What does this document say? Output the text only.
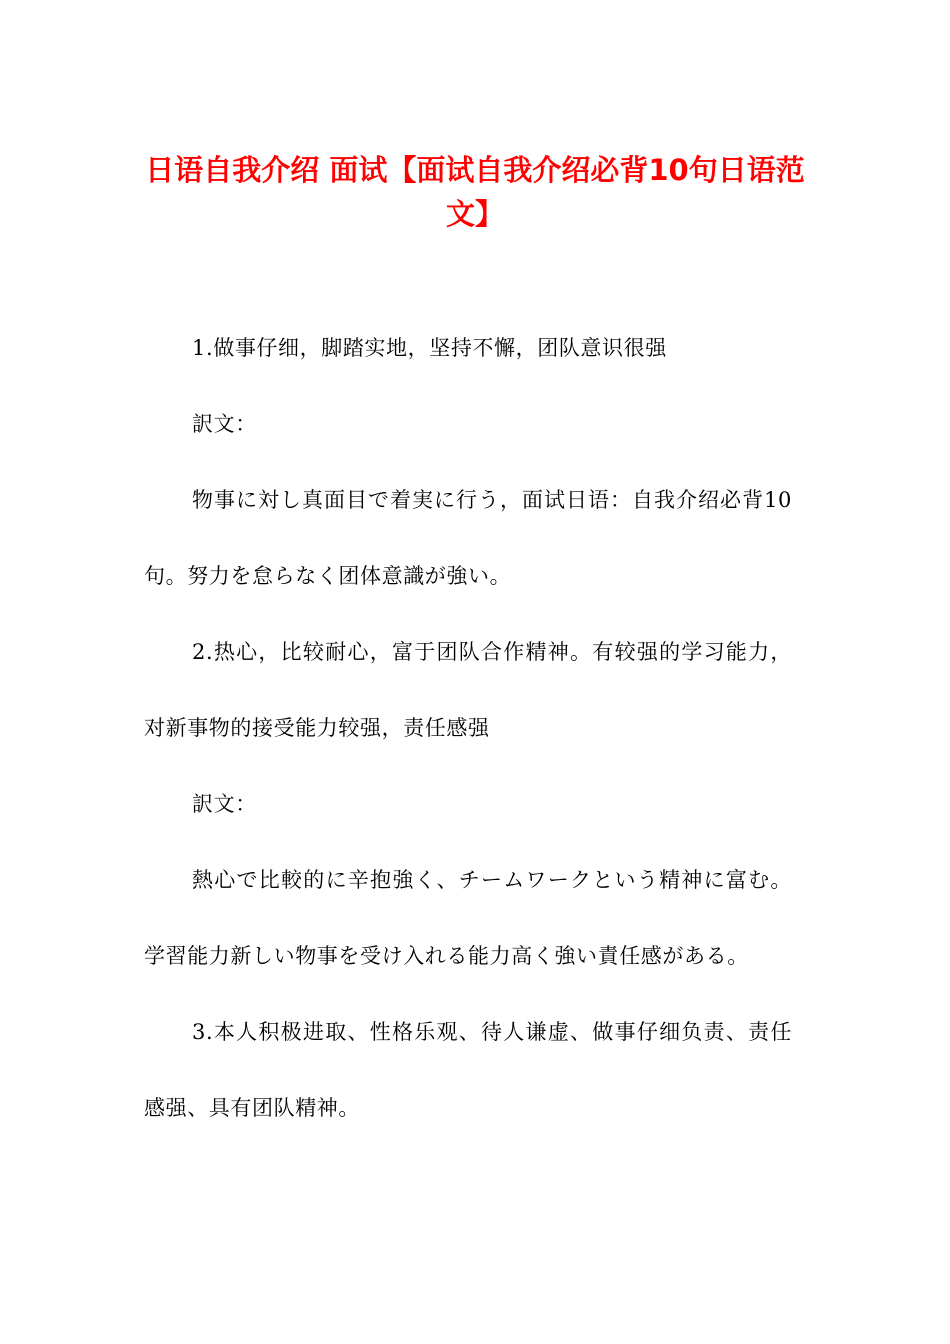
日语自我介绍 面试【面试自我介绍必背10句日语范文】

1.做事仔细，脚踏实地，坚持不懈，团队意识很强

訳文：

物事に対し真面目で着実に行う，面试日语：自我介绍必背10句。努力を怠らなく团体意識が強い。

2.热心，比较耐心，富于团队合作精神。有较强的学习能力，对新事物的接受能力较强，责任感强

訳文：

熱心で比較的に辛抱強く、チームワークという精神に富む。学習能力新しい物事を受け入れる能力高く強い責任感がある。

3.本人积极进取、性格乐观、待人谦虚、做事仔细负责、责任感强、具有团队精神。
